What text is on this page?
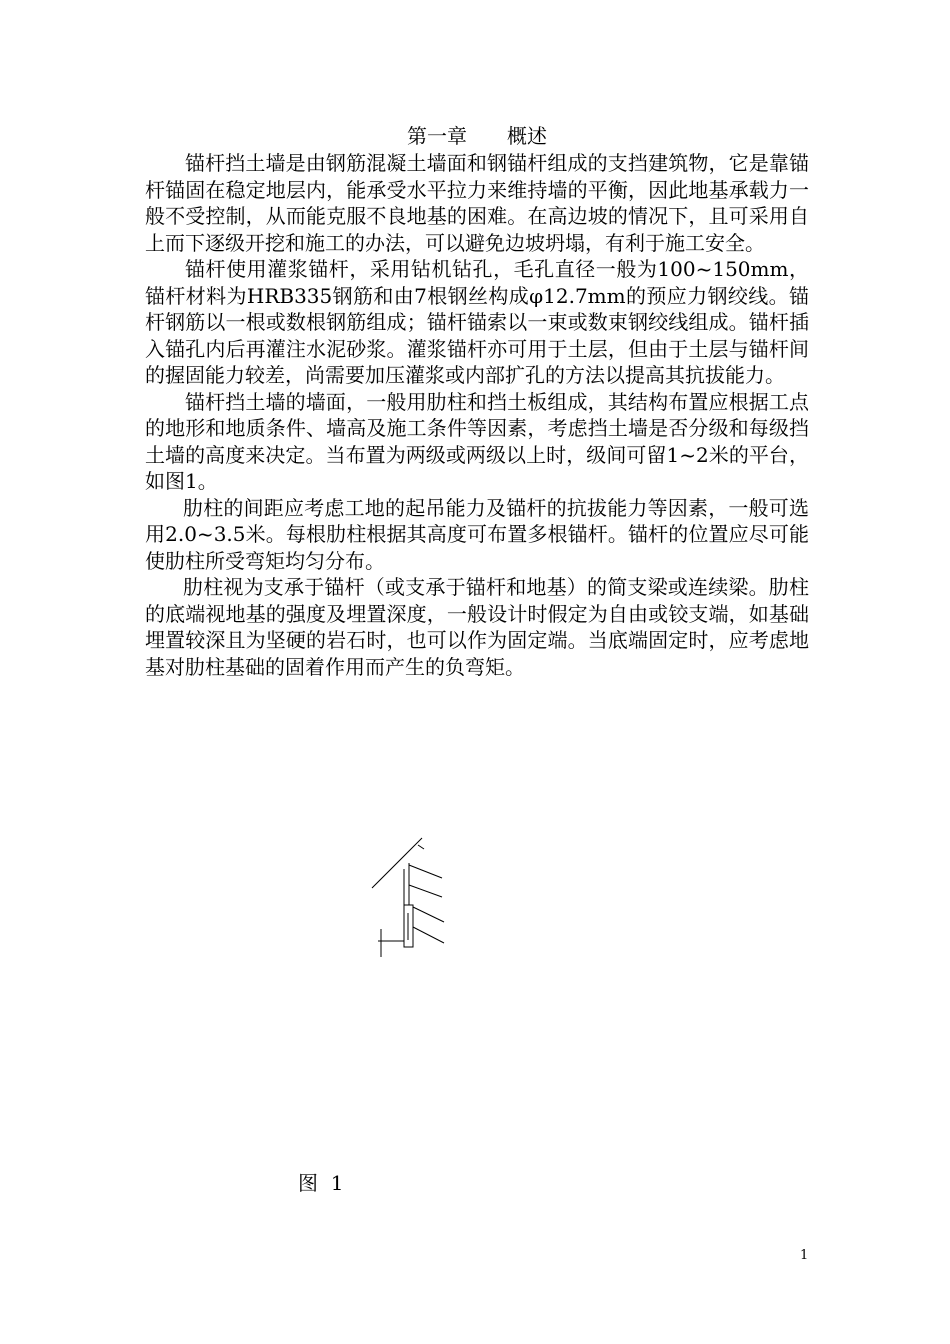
第一章　　概述

锚杆挡土墙是由钢筋混凝土墙面和钢锚杆组成的支挡建筑物，它是靠锚杆锚固在稳定地层内，能承受水平拉力来维持墙的平衡，因此地基承载力一般不受控制，从而能克服不良地基的困难。在高边坡的情况下，且可采用自上而下逐级开挖和施工的办法，可以避免边坡坍塌，有利于施工安全。

锚杆使用灌浆锚杆，采用钻机钻孔，毛孔直径一般为100~150mm，锚杆材料为HRB335钢筋和由7根钢丝构成φ12.7mm的预应力钢绞线。锚杆钢筋以一根或数根钢筋组成；锚杆锚索以一束或数束钢绞线组成。锚杆插入锚孔内后再灌注水泥砂浆。灌浆锚杆亦可用于土层，但由于土层与锚杆间的握固能力较差，尚需要加压灌浆或内部扩孔的方法以提高其抗拔能力。

锚杆挡土墙的墙面，一般用肋柱和挡土板组成，其结构布置应根据工点的地形和地质条件、墙高及施工条件等因素，考虑挡土墙是否分级和每级挡土墙的高度来决定。当布置为两级或两级以上时，级间可留1~2米的平台，如图1。

肋柱的间距应考虑工地的起吊能力及锚杆的抗拔能力等因素，一般可选用2.0~3.5米。每根肋柱根据其高度可布置多根锚杆。锚杆的位置应尽可能使肋柱所受弯矩均匀分布。

肋柱视为支承于锚杆（或支承于锚杆和地基）的简支梁或连续梁。肋柱的底端视地基的强度及埋置深度，一般设计时假定为自由或铰支端，如基础埋置较深且为坚硬的岩石时，也可以作为固定端。当底端固定时，应考虑地基对肋柱基础的固着作用而产生的负弯矩。

图  1
1
